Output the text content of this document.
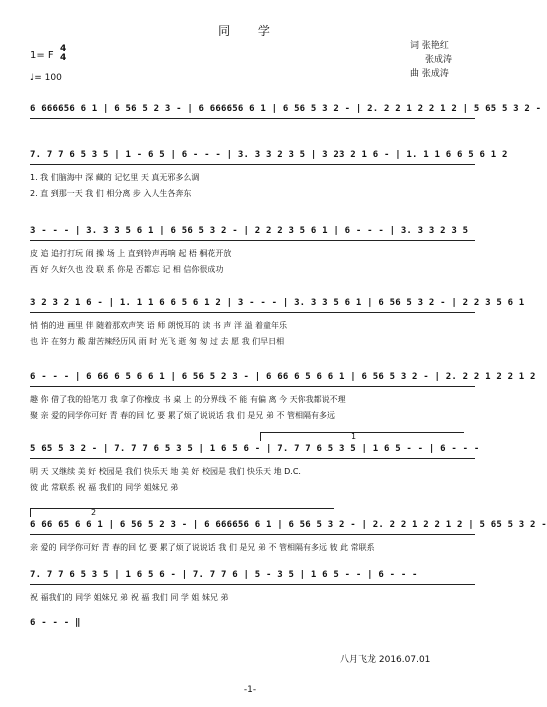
同 学
1= F
4
4
♩= 100
词 张艳红
张成涛
曲 张成涛
6 666656 6 1 | 6 56 5 2 3 - | 6 666656 6 1 | 6 56 5 3 2 - | 2. 2 2 1 2 2 1 2 | 5 65 5 3 2 -
7. 7 7 6 5 3 5 | 1 - 6 5 | 6 - - - | 3. 3 3 2 3 5 | 3 23 2 1 6 - | 1. 1 1 6 6 5 6 1 2
1. 我 们脑海中 深 藏的 记忆里 天 真无邪多么调
2. 直 到那一天 我 们 相分离 步 入人生各奔东
3 - - - | 3. 3 3 5 6 1 | 6 56 5 3 2 - | 2 2 2 3 5 6 1 | 6 - - - | 3. 3 3 2 3 5
皮 追 追打打玩 闹 操 场 上 直到铃声再响 起 梧 桐花开放
西 好 久好久也 没 联 系 你是 否都忘 记 相 信你很成功
3 2 3 2 1 6 - | 1. 1 1 6 6 5 6 1 2 | 3 - - - | 3. 3 3 5 6 1 | 6 56 5 3 2 - | 2 2 3 5 6 1
悄 悄的进 画里 伴 随着那欢声笑 语 师 朗悦耳的 读 书 声 洋 溢 着童年乐
也 许 在努力 酸 甜苦辣经历风 雨 时 光飞 逝 匆 匆 过 去 愿 我 们早日相
6 - - - | 6 66 6 5 6 6 1 | 6 56 5 2 3 - | 6 66 6 5 6 6 1 | 6 56 5 3 2 - | 2. 2 2 1 2 2 1 2
趣 你 借了我的铅笔刀 我 拿了你橡皮 书 桌 上 的分界线 不 能 有偏 离 今 天你我都说不理
聚 亲 爱的同学你可好 青 春的回 忆 要 累了烦了说说话 我 们 是兄 弟 不 管相隔有多远
1
5 65 5 3 2 - | 7. 7 7 6 5 3 5 | 1 6 5 6 - | 7. 7 7 6 5 3 5 | 1 6 5 - - | 6 - - -
明 天 又继续 美 好 校园是 我们 快乐天 地 美 好 校园是 我们 快乐天 地 D.C.
彼 此 常联系 祝 福 我们的 同学 姐妹兄 弟
2
6 66 65 6 6 1 | 6 56 5 2 3 - | 6 666656 6 1 | 6 56 5 3 2 - | 2. 2 2 1 2 2 1 2 | 5 65 5 3 2 -
亲 爱的 同学你可好 青 春的回 忆 要 累了烦了说说话 我 们 是兄 弟 不 管相隔有多远 彼 此 常联系
7. 7 7 6 5 3 5 | 1 6 5 6 - | 7. 7 7 6 | 5 - 3 5 | 1 6 5 - - | 6 - - -
祝 福我们的 同学 姐妹兄 弟 祝 福 我们 同 学 姐 妹兄 弟
6 - - - ‖
八月飞龙 2016.07.01
-1-
